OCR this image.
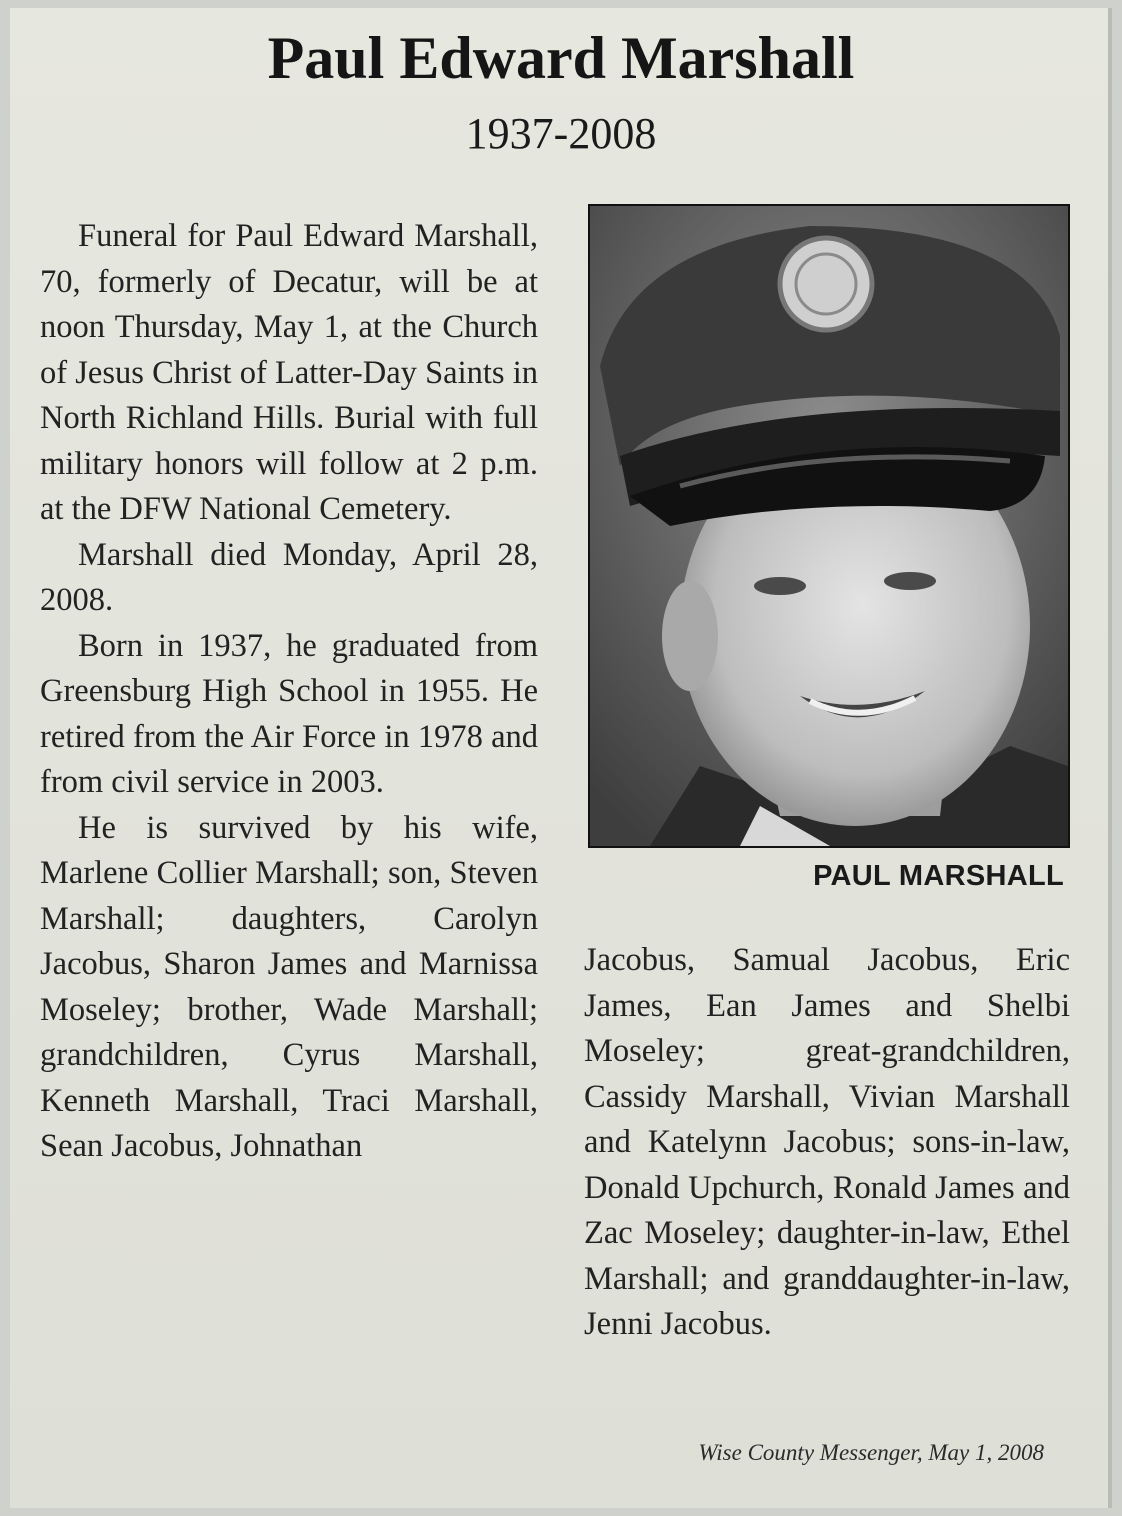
Paul Edward Marshall
1937-2008

Funeral for Paul Edward Marshall, 70, formerly of Decatur, will be at noon Thursday, May 1, at the Church of Jesus Christ of Latter-Day Saints in North Richland Hills. Burial with full military honors will follow at 2 p.m. at the DFW National Cemetery.

Marshall died Monday, April 28, 2008.

Born in 1937, he graduated from Greensburg High School in 1955. He retired from the Air Force in 1978 and from civil service in 2003.

He is survived by his wife, Marlene Collier Marshall; son, Steven Marshall; daughters, Carolyn Jacobus, Sharon James and Marnissa Moseley; brother, Wade Marshall; grandchildren, Cyrus Marshall, Kenneth Marshall, Traci Marshall, Sean Jacobus, Johnathan

PAUL MARSHALL

Jacobus, Samual Jacobus, Eric James, Ean James and Shelbi Moseley; great-grandchildren, Cassidy Marshall, Vivian Marshall and Katelynn Jacobus; sons-in-law, Donald Upchurch, Ronald James and Zac Moseley; daughter-in-law, Ethel Marshall; and granddaughter-in-law, Jenni Jacobus.

Wise County Messenger, May 1, 2008
